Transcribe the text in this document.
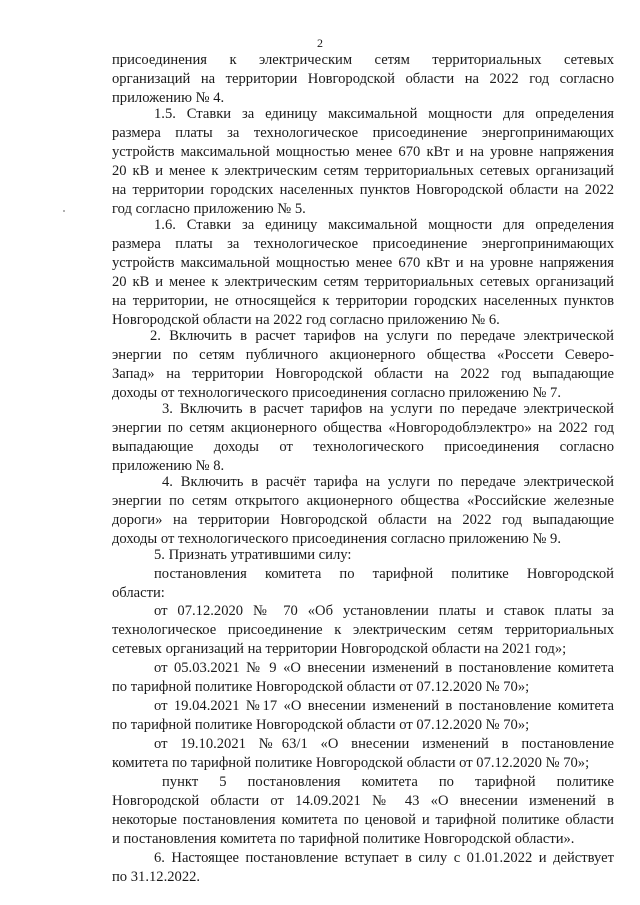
2
присоединения к электрическим сетям территориальных сетевых
организаций на территории Новгородской области на 2022 год согласно
приложению № 4.
1.5. Ставки за единицу максимальной мощности для определения
размера платы за технологическое присоединение энергопринимающих
устройств максимальной мощностью менее 670 кВт и на уровне напряжения
20 кВ и менее к электрическим сетям территориальных сетевых организаций
на территории городских населенных пунктов Новгородской области на 2022
год согласно приложению № 5.
1.6. Ставки за единицу максимальной мощности для определения
размера платы за технологическое присоединение энергопринимающих
устройств максимальной мощностью менее 670 кВт и на уровне напряжения
20 кВ и менее к электрическим сетям территориальных сетевых организаций
на территории, не относящейся к территории городских населенных пунктов
Новгородской области на 2022 год согласно приложению № 6.
2. Включить в расчет тарифов на услуги по передаче электрической
энергии по сетям публичного акционерного общества «Россети Северо-
Запад» на территории Новгородской области на 2022 год выпадающие
доходы от технологического присоединения согласно приложению № 7.
3. Включить в расчет тарифов на услуги по передаче электрической
энергии по сетям акционерного общества «Новгородоблэлектро» на 2022 год
выпадающие доходы от технологического присоединения согласно
приложению № 8.
4. Включить в расчёт тарифа на услуги по передаче электрической
энергии по сетям открытого акционерного общества «Российские железные
дороги» на территории Новгородской области на 2022 год выпадающие
доходы от технологического присоединения согласно приложению № 9.
5. Признать утратившими силу:
постановления комитета по тарифной политике Новгородской
области:
от 07.12.2020 № 70 «Об установлении платы и ставок платы за
технологическое присоединение к электрическим сетям территориальных
сетевых организаций на территории Новгородской области на 2021 год»;
от 05.03.2021 № 9 «О внесении изменений в постановление комитета
по тарифной политике Новгородской области от 07.12.2020 № 70»;
от 19.04.2021 №17 «О внесении изменений в постановление комитета
по тарифной политике Новгородской области от 07.12.2020 № 70»;
от 19.10.2021 №63/1 «О внесении изменений в постановление
комитета по тарифной политике Новгородской области от 07.12.2020 № 70»;
пункт 5 постановления комитета по тарифной политике
Новгородской области от 14.09.2021 № 43 «О внесении изменений в
некоторые постановления комитета по ценовой и тарифной политике области
и постановления комитета по тарифной политике Новгородской области».
6. Настоящее постановление вступает в силу с 01.01.2022 и действует
по 31.12.2022.
